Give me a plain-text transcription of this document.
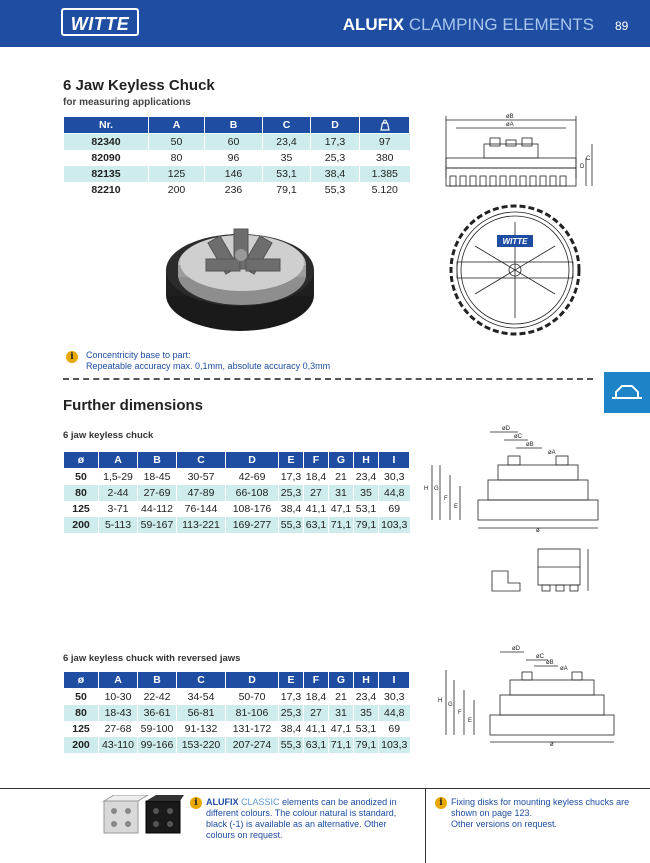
WITTE	ALUFIX CLAMPING ELEMENTS 89
6 Jaw Keyless Chuck
for measuring applications
Nr.	A	B	C	D	
82340	50	60	23,4	17,3	97
82090	80	96	35	25,3	380
82135	125	146	53,1	38,4	1.385
82210	200	236	79,1	55,3	5.120
øB
øA
D
C
WITTE
i	Concentricity base to part:
Repeatable accuracy max. 0,1mm, absolute accuracy 0,3mm
Further dimensions
6 jaw keyless chuck
ø	A	B	C	D	E	F	G	H	I
50	1,5-29	18-45	30-57	42-69	17,3	18,4	21	23,4	30,3
80	2-44	27-69	47-89	66-108	25,3	27	31	35	44,8
125	3-71	44-112	76-144	108-176	38,4	41,1	47,1	53,1	69
200	5-113	59-167	113-221	169-277	55,3	63,1	71,1	79,1	103,3
øD
øC
øB
øA
H G
F
E
ø
6 jaw keyless chuck with reversed jaws
ø	A	B	C	D	E	F	G	H	I
50	10-30	22-42	34-54	50-70	17,3	18,4	21	23,4	30,3
80	18-43	36-61	56-81	81-106	25,3	27	31	35	44,8
125	27-68	59-100	91-132	131-172	38,4	41,1	47,1	53,1	69
200	43-110	99-166	153-220	207-274	55,3	63,1	71,1	79,1	103,3
øD
øC
øB
øA
H
G
F
E
ø
i ALUFIX CLASSIC elements can be anodized in different colours. The colour natural is standard, black (-1) is available as an alternative. Other colours on request.
i Fixing disks for mounting keyless chucks are shown on page 123.
Other versions on request.
